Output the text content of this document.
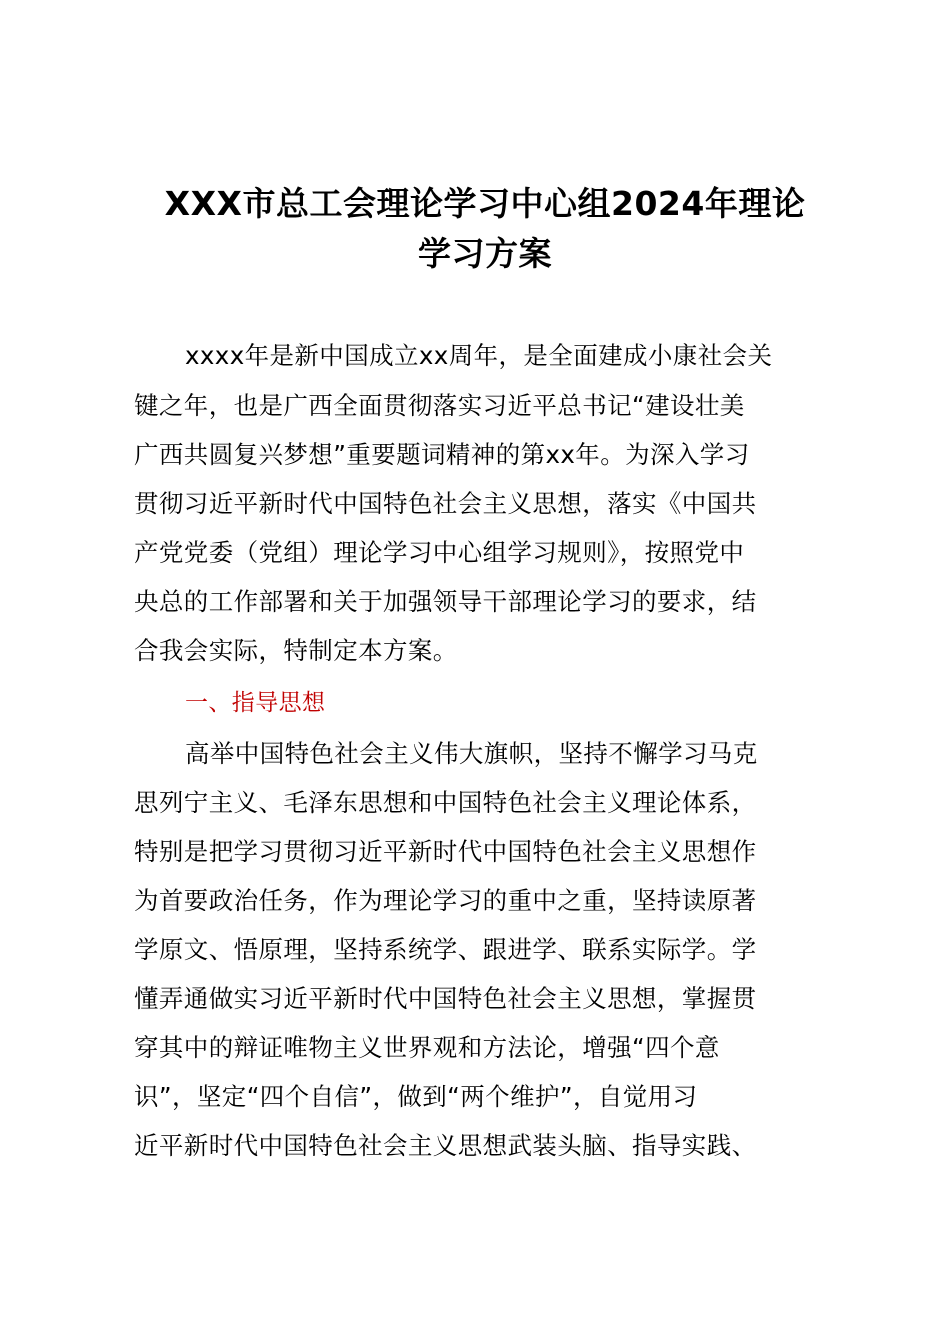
XXX市总工会理论学习中心组2024年理论
学习方案
xxxx年是新中国成立xx周年，是全面建成小康社会关
键之年，也是广西全面贯彻落实习近平总书记“建设壮美
广西共圆复兴梦想”重要题词精神的第xx年。为深入学习
贯彻习近平新时代中国特色社会主义思想，落实《中国共
产党党委（党组）理论学习中心组学习规则》，按照党中
央总的工作部署和关于加强领导干部理论学习的要求，结
合我会实际，特制定本方案。
一、指导思想
高举中国特色社会主义伟大旗帜，坚持不懈学习马克
思列宁主义、毛泽东思想和中国特色社会主义理论体系，
特别是把学习贯彻习近平新时代中国特色社会主义思想作
为首要政治任务，作为理论学习的重中之重，坚持读原著
学原文、悟原理，坚持系统学、跟进学、联系实际学。学
懂弄通做实习近平新时代中国特色社会主义思想，掌握贯
穿其中的辩证唯物主义世界观和方法论，增强“四个意
识”，坚定“四个自信”，做到“两个维护”，自觉用习
近平新时代中国特色社会主义思想武装头脑、指导实践、
